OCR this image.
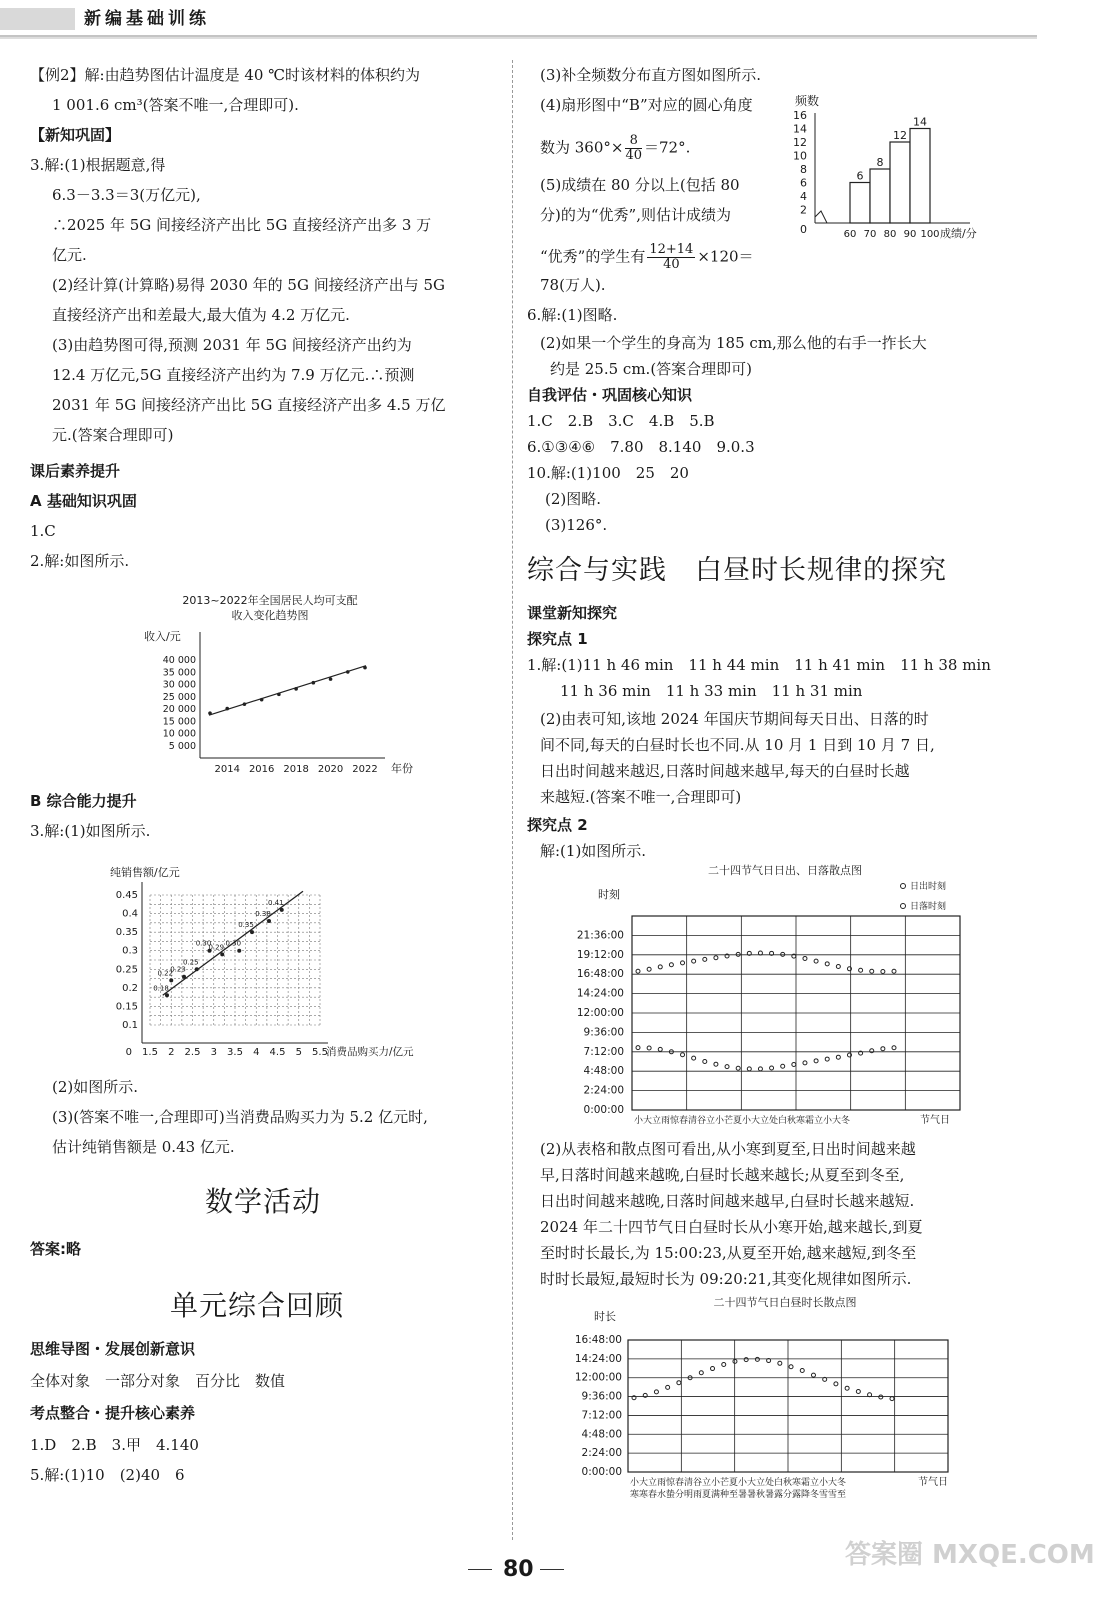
新编基础训练
【例2】解:由趋势图估计温度是 40 ℃时该材料的体积约为
1 001.6 cm³(答案不唯一,合理即可).
【新知巩固】
3.解:(1)根据题意,得
6.3－3.3＝3(万亿元),
∴2025 年 5G 间接经济产出比 5G 直接经济产出多 3 万
亿元.
(2)经计算(计算略)易得 2030 年的 5G 间接经济产出与 5G
直接经济产出和差最大,最大值为 4.2 万亿元.
(3)由趋势图可得,预测 2031 年 5G 间接经济产出约为
12.4 万亿元,5G 直接经济产出约为 7.9 万亿元.∴预测
2031 年 5G 间接经济产出比 5G 直接经济产出多 4.5 万亿
元.(答案合理即可)
课后素养提升
A 基础知识巩固
1.C
2.解:如图所示.
2013~2022年全国居民人均可支配
收入变化趋势图
收入/元
5 000
10 000
15 000
20 000
25 000
30 000
35 000
40 000
2014 2016 2018 2020 2022 年份
B 综合能力提升
3.解:(1)如图所示.
纯销售额/亿元
0.1
0.15
0.2
0.25
0.3
0.35
0.4
0.45
1.5 2 2.5 3 3.5 4 4.5 5 5.5
0	消费品购买力/亿元
0.18
0.22
0.23
0.25
0.30
0.29 0.30
0.35
0.38
0.41
(2)如图所示.
(3)(答案不唯一,合理即可)当消费品购买力为 5.2 亿元时,
估计纯销售额是 0.43 亿元.
数学活动
答案:略
单元综合回顾
思维导图・发展创新意识
全体对象　一部分对象　百分比　数值
考点整合・提升核心素养
1.D　2.B　3.甲　4.140
5.解:(1)10　(2)40　6
(3)补全频数分布直方图如图所示.
(4)扇形图中“B”对应的圆心角度
数为 $360^\circ\times \frac{8}{40} =72^\circ$.
(5)成绩在 80 分以上(包括 80
分)的为“优秀”,则估计成绩为
“优秀”的学生有 $\frac{12+14}{40} \times 120=$
78(万人).
频数
2
4
6
8
10
12
14
16
0
6
8
12
14
60 70 80 90 100 成绩/分
6.解:(1)图略.
(2)如果一个学生的身高为 185 cm,那么他的右手一拃长大
约是 25.5 cm.(答案合理即可)
自我评估・巩固核心知识
1.C　2.B　3.C　4.B　5.B
6.①③④⑥　7.80　8.140　9.0.3
10.解:(1)100　25　20
(2)图略.
(3)126°.
综合与实践　白昼时长规律的探究
课堂新知探究
探究点 1
1.解:(1)11 h 46 min　11 h 44 min　11 h 41 min　11 h 38 min
11 h 36 min　11 h 33 min　11 h 31 min
(2)由表可知,该地 2024 年国庆节期间每天日出、日落的时
间不同,每天的白昼时长也不同.从 10 月 1 日到 10 月 7 日,
日出时间越来越迟,日落时间越来越早,每天的白昼时长越
来越短.(答案不唯一,合理即可)
探究点 2
解:(1)如图所示.
二十四节气日日出、日落散点图
时刻
日出时刻
日落时刻
0:00:00
2:24:00
4:48:00
7:12:00
9:36:00
12:00:00
14:24:00
16:48:00
19:12:00
21:36:00
小大立雨惊春清谷立小芒夏小大立处白秋寒霜立小大冬	节气日
(2)从表格和散点图可看出,从小寒到夏至,日出时间越来越
早,日落时间越来越晚,白昼时长越来越长;从夏至到冬至,
日出时间越来越晚,日落时间越来越早,白昼时长越来越短.
2024 年二十四节气日白昼时长从小寒开始,越来越长,到夏
至时时长最长,为 15:00:23,从夏至开始,越来越短,到冬至
时时长最短,最短时长为 09:20:21,其变化规律如图所示.
二十四节气日白昼时长散点图
时长
0:00:00
2:24:00
4:48:00
7:12:00
9:36:00
12:00:00
14:24:00
16:48:00
小大立雨惊春清谷立小芒夏小大立处白秋寒霜立小大冬
寒寒春水蛰分明雨夏满种至暑暑秋暑露分露降冬雪雪至
节气日
80	答案圈 MXQE.COM
